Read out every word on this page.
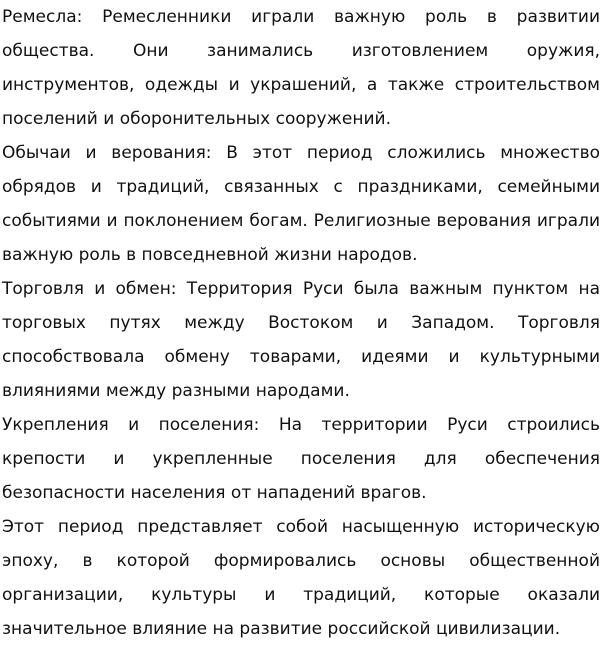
Ремесла: Ремесленники играли важную роль в развитии общества. Они занимались изготовлением оружия, инструментов, одежды и украшений, а также строительством поселений и оборонительных сооружений.

Обычаи и верования: В этот период сложились множество обрядов и традиций, связанных с праздниками, семейными событиями и поклонением богам. Религиозные верования играли важную роль в повседневной жизни народов.

Торговля и обмен: Территория Руси была важным пунктом на торговых путях между Востоком и Западом. Торговля способствовала обмену товарами, идеями и культурными влияниями между разными народами.

Укрепления и поселения: На территории Руси строились крепости и укрепленные поселения для обеспечения безопасности населения от нападений врагов.

Этот период представляет собой насыщенную историческую эпоху, в которой формировались основы общественной организации, культуры и традиций, которые оказали значительное влияние на развитие российской цивилизации.
